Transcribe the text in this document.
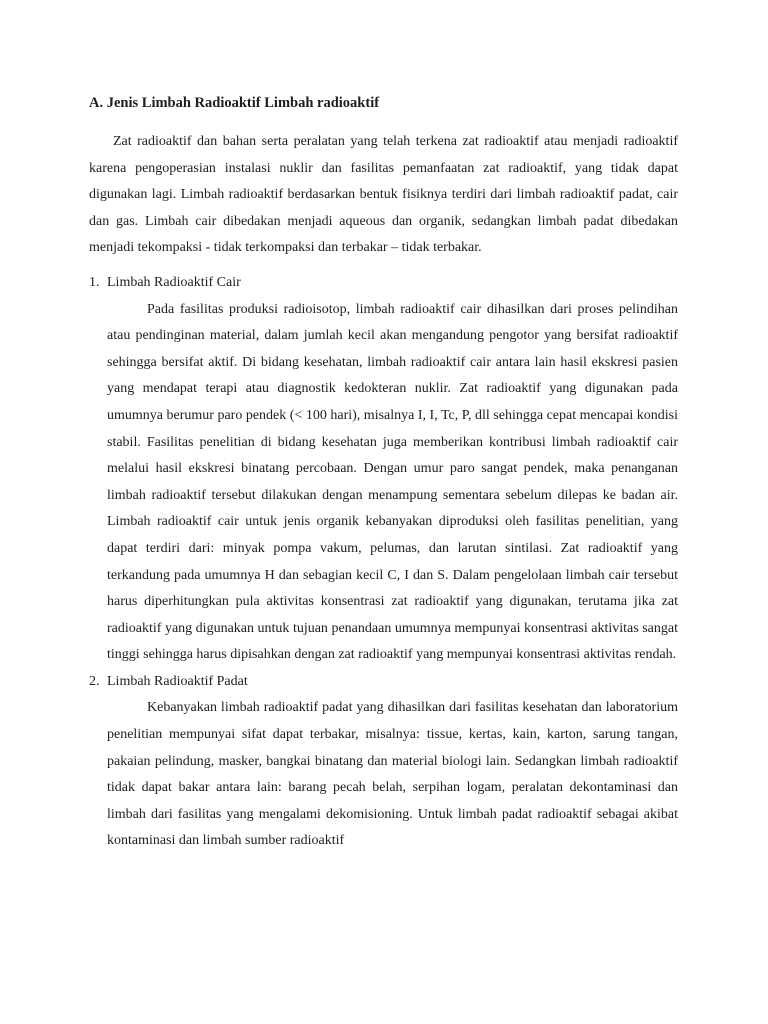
A. Jenis Limbah Radioaktif Limbah radioaktif

Zat radioaktif dan bahan serta peralatan yang telah terkena zat radioaktif atau menjadi radioaktif karena pengoperasian instalasi nuklir dan fasilitas pemanfaatan zat radioaktif, yang tidak dapat digunakan lagi. Limbah radioaktif berdasarkan bentuk fisiknya terdiri dari limbah radioaktif padat, cair dan gas. Limbah cair dibedakan menjadi aqueous dan organik, sedangkan limbah padat dibedakan menjadi tekompaksi - tidak terkompaksi dan terbakar – tidak terbakar.

1. Limbah Radioaktif Cair

Pada fasilitas produksi radioisotop, limbah radioaktif cair dihasilkan dari proses pelindihan atau pendinginan material, dalam jumlah kecil akan mengandung pengotor yang bersifat radioaktif sehingga bersifat aktif. Di bidang kesehatan, limbah radioaktif cair antara lain hasil ekskresi pasien yang mendapat terapi atau diagnostik kedokteran nuklir. Zat radioaktif yang digunakan pada umumnya berumur paro pendek (< 100 hari), misalnya I, I, Tc, P, dll sehingga cepat mencapai kondisi stabil. Fasilitas penelitian di bidang kesehatan juga memberikan kontribusi limbah radioaktif cair melalui hasil ekskresi binatang percobaan. Dengan umur paro sangat pendek, maka penanganan limbah radioaktif tersebut dilakukan dengan menampung sementara sebelum dilepas ke badan air. Limbah radioaktif cair untuk jenis organik kebanyakan diproduksi oleh fasilitas penelitian, yang dapat terdiri dari: minyak pompa vakum, pelumas, dan larutan sintilasi. Zat radioaktif yang terkandung pada umumnya H dan sebagian kecil C, I dan S. Dalam pengelolaan limbah cair tersebut harus diperhitungkan pula aktivitas konsentrasi zat radioaktif yang digunakan, terutama jika zat radioaktif yang digunakan untuk tujuan penandaan umumnya mempunyai konsentrasi aktivitas sangat tinggi sehingga harus dipisahkan dengan zat radioaktif yang mempunyai konsentrasi aktivitas rendah.

2. Limbah Radioaktif Padat

Kebanyakan limbah radioaktif padat yang dihasilkan dari fasilitas kesehatan dan laboratorium penelitian mempunyai sifat dapat terbakar, misalnya: tissue, kertas, kain, karton, sarung tangan, pakaian pelindung, masker, bangkai binatang dan material biologi lain. Sedangkan limbah radioaktif tidak dapat bakar antara lain: barang pecah belah, serpihan logam, peralatan dekontaminasi dan limbah dari fasilitas yang mengalami dekomisioning. Untuk limbah padat radioaktif sebagai akibat kontaminasi dan limbah sumber radioaktif
